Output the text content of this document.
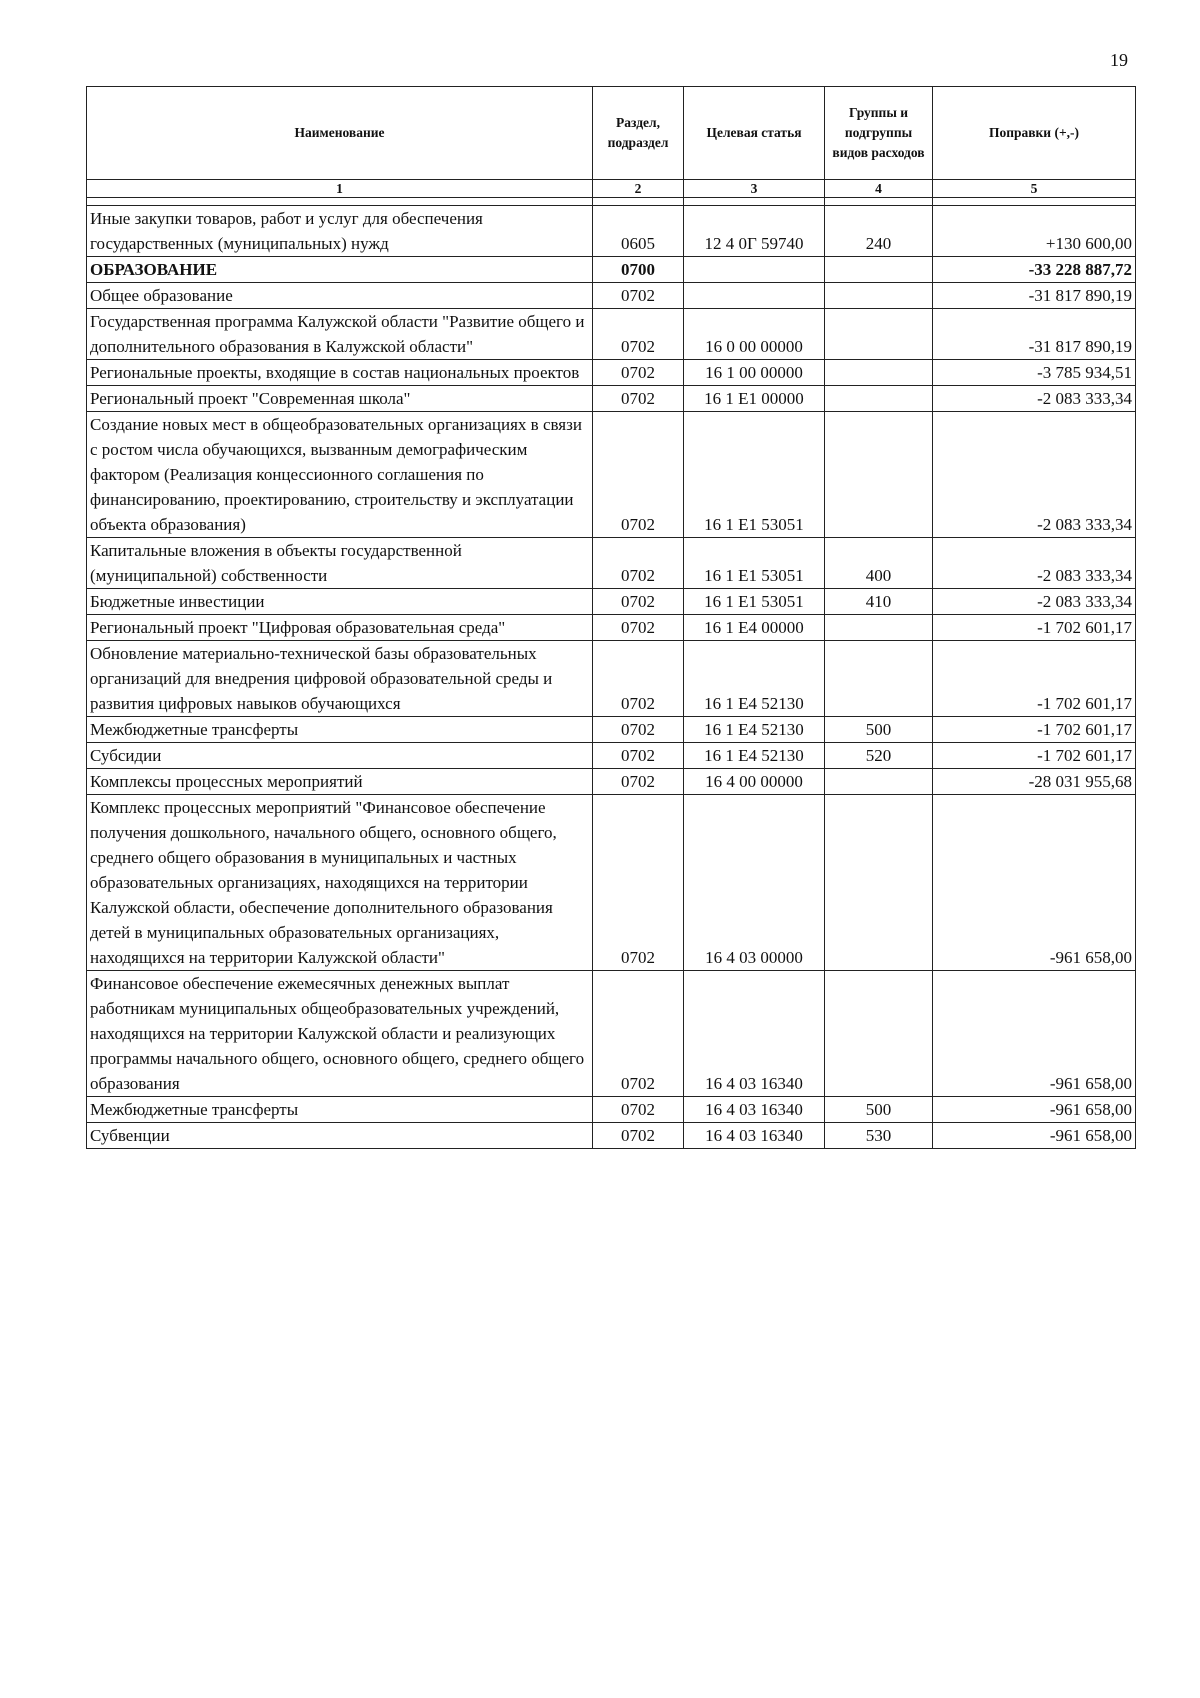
19
Наименование	Раздел, подраздел	Целевая статья	Группы и подгруппы видов расходов	Поправки (+,-)
1	2	3	4	5

Иные закупки товаров, работ и услуг для обеспечения государственных (муниципальных) нужд	0605	12 4 0Г 59740	240	+130 600,00
ОБРАЗОВАНИЕ	0700			-33 228 887,72
Общее образование	0702			-31 817 890,19
Государственная программа Калужской области "Развитие общего и дополнительного образования в Калужской области"	0702	16 0 00 00000		-31 817 890,19
Региональные проекты, входящие в состав национальных проектов	0702	16 1 00 00000		-3 785 934,51
Региональный проект "Современная школа"	0702	16 1 E1 00000		-2 083 333,34
Создание новых мест в общеобразовательных организациях в связи с ростом числа обучающихся, вызванным демографическим фактором (Реализация концессионного соглашения по финансированию, проектированию, строительству и эксплуатации объекта образования)	0702	16 1 E1 53051		-2 083 333,34
Капитальные вложения в объекты государственной (муниципальной) собственности	0702	16 1 E1 53051	400	-2 083 333,34
Бюджетные инвестиции	0702	16 1 E1 53051	410	-2 083 333,34
Региональный проект "Цифровая образовательная среда"	0702	16 1 E4 00000		-1 702 601,17
Обновление материально-технической базы образовательных организаций для внедрения цифровой образовательной среды и развития цифровых навыков обучающихся	0702	16 1 E4 52130		-1 702 601,17
Межбюджетные трансферты	0702	16 1 E4 52130	500	-1 702 601,17
Субсидии	0702	16 1 E4 52130	520	-1 702 601,17
Комплексы процессных мероприятий	0702	16 4 00 00000		-28 031 955,68
Комплекс процессных мероприятий "Финансовое обеспечение получения дошкольного, начального общего, основного общего, среднего общего образования в муниципальных и частных образовательных организациях, находящихся на территории Калужской области, обеспечение дополнительного образования детей в муниципальных образовательных организациях, находящихся на территории Калужской области"	0702	16 4 03 00000		-961 658,00
Финансовое обеспечение ежемесячных денежных выплат работникам муниципальных общеобразовательных учреждений, находящихся на территории Калужской области и реализующих программы начального общего, основного общего, среднего общего образования	0702	16 4 03 16340		-961 658,00
Межбюджетные трансферты	0702	16 4 03 16340	500	-961 658,00
Субвенции	0702	16 4 03 16340	530	-961 658,00
